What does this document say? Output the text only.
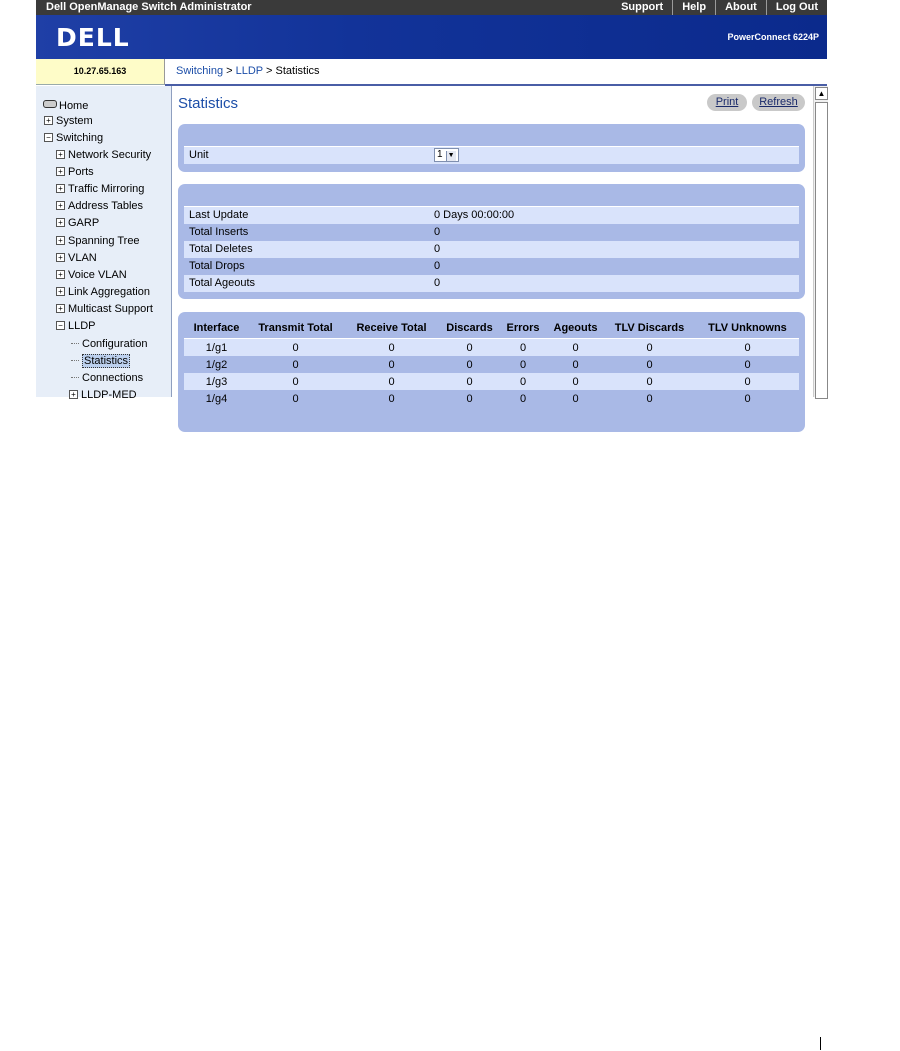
Dell OpenManage Switch Administrator	Support	Help	About	Log Out
DELL	PowerConnect 6224P
10.27.65.163	Switching > LLDP > Statistics
Home
+ System
− Switching
+ Network Security
+ Ports
+ Traffic Mirroring
+ Address Tables
+ GARP
+ Spanning Tree
+ VLAN
+ Voice VLAN
+ Link Aggregation
+ Multicast Support
− LLDP
Configuration
Statistics
Connections
+ LLDP-MED
Statistics	Print	Refresh
Unit	1 ▼
Last Update	0 Days 00:00:00
Total Inserts	0
Total Deletes	0
Total Drops	0
Total Ageouts	0
Interface	Transmit Total	Receive Total	Discards	Errors	Ageouts	TLV Discards	TLV Unknowns
1/g1	0	0	0	0	0	0	0
1/g2	0	0	0	0	0	0	0
1/g3	0	0	0	0	0	0	0
1/g4	0	0	0	0	0	0	0
▲
